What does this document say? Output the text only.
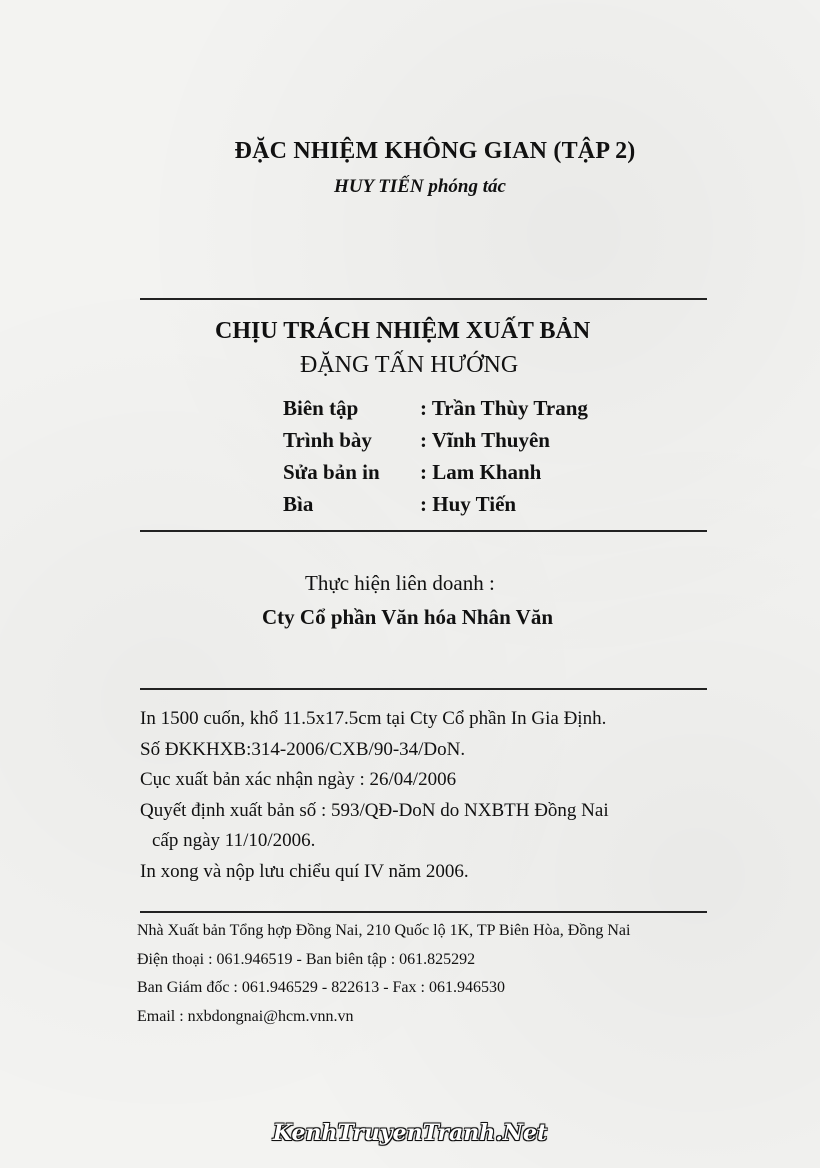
ĐẶC NHIỆM KHÔNG GIAN (TẬP 2)
HUY TIẾN phóng tác
CHỊU TRÁCH NHIỆM XUẤT BẢN
ĐẶNG TẤN HƯỚNG
Biên tập	: Trần Thùy Trang
Trình bày	: Vĩnh Thuyên
Sửa bản in	: Lam Khanh
Bìa	: Huy Tiến
Thực hiện liên doanh :
Cty Cổ phần Văn hóa Nhân Văn
In 1500 cuốn, khổ 11.5x17.5cm tại Cty Cổ phần In Gia Định.
Số ĐKKHXB:314-2006/CXB/90-34/DoN.
Cục xuất bản xác nhận ngày : 26/04/2006
Quyết định xuất bản số : 593/QĐ-DoN do NXBTH Đồng Nai
cấp ngày 11/10/2006.
In xong và nộp lưu chiểu quí IV năm 2006.
Nhà Xuất bản Tổng hợp Đồng Nai, 210 Quốc lộ 1K, TP Biên Hòa, Đồng Nai
Điện thoại : 061.946519 - Ban biên tập : 061.825292
Ban Giám đốc : 061.946529 - 822613 - Fax : 061.946530
Email : nxbdongnai@hcm.vnn.vn
KenhTruyenTranh.Net
